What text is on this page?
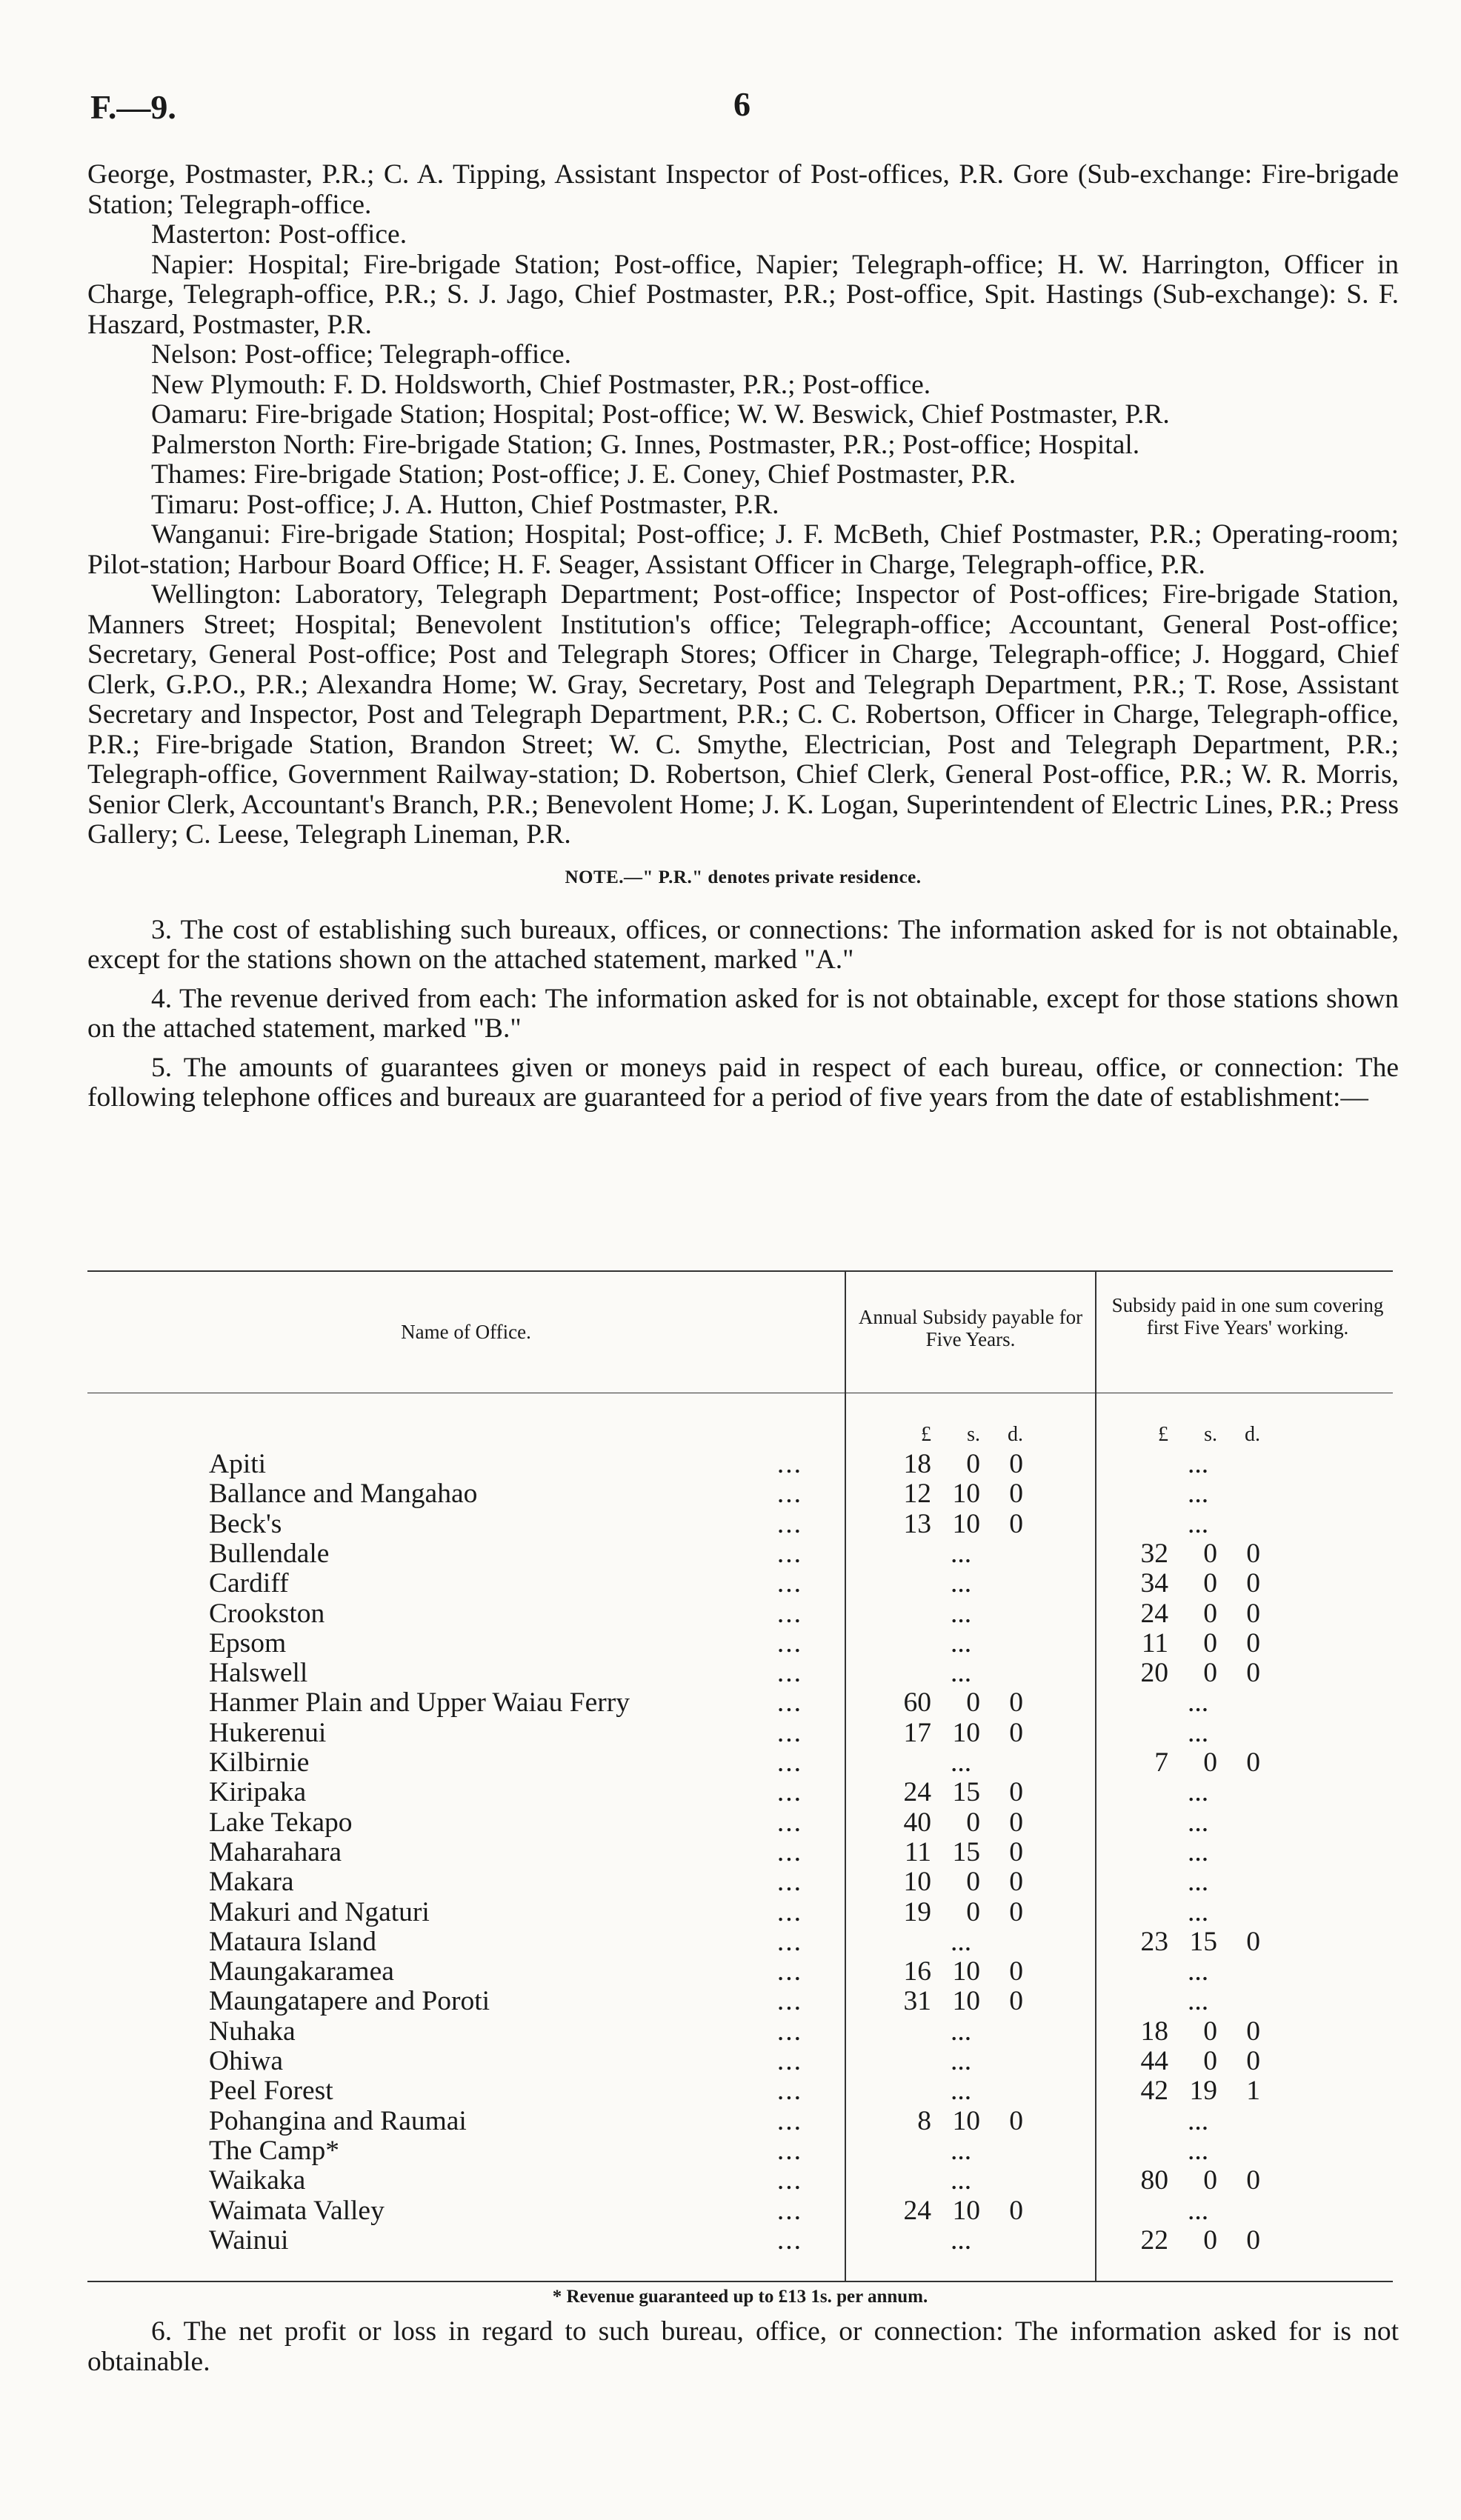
F.—9.	6

George, Postmaster, P.R.; C. A. Tipping, Assistant Inspector of Post-offices, P.R. Gore (Sub-exchange: Fire-brigade Station; Telegraph-office.

Masterton: Post-office.

Napier: Hospital; Fire-brigade Station; Post-office, Napier; Telegraph-office; H. W. Harrington, Officer in Charge, Telegraph-office, P.R.; S. J. Jago, Chief Postmaster, P.R.; Post-office, Spit. Hastings (Sub-exchange): S. F. Haszard, Postmaster, P.R.

Nelson: Post-office; Telegraph-office.

New Plymouth: F. D. Holdsworth, Chief Postmaster, P.R.; Post-office.

Oamaru: Fire-brigade Station; Hospital; Post-office; W. W. Beswick, Chief Postmaster, P.R.

Palmerston North: Fire-brigade Station; G. Innes, Postmaster, P.R.; Post-office; Hospital.

Thames: Fire-brigade Station; Post-office; J. E. Coney, Chief Postmaster, P.R.

Timaru: Post-office; J. A. Hutton, Chief Postmaster, P.R.

Wanganui: Fire-brigade Station; Hospital; Post-office; J. F. McBeth, Chief Postmaster, P.R.; Operating-room; Pilot-station; Harbour Board Office; H. F. Seager, Assistant Officer in Charge, Telegraph-office, P.R.

Wellington: Laboratory, Telegraph Department; Post-office; Inspector of Post-offices; Fire-brigade Station, Manners Street; Hospital; Benevolent Institution's office; Telegraph-office; Accountant, General Post-office; Secretary, General Post-office; Post and Telegraph Stores; Officer in Charge, Telegraph-office; J. Hoggard, Chief Clerk, G.P.O., P.R.; Alexandra Home; W. Gray, Secretary, Post and Telegraph Department, P.R.; T. Rose, Assistant Secretary and Inspector, Post and Telegraph Department, P.R.; C. C. Robertson, Officer in Charge, Telegraph-office, P.R.; Fire-brigade Station, Brandon Street; W. C. Smythe, Electrician, Post and Telegraph Department, P.R.; Telegraph-office, Government Railway-station; D. Robertson, Chief Clerk, General Post-office, P.R.; W. R. Morris, Senior Clerk, Accountant's Branch, P.R.; Benevolent Home; J. K. Logan, Superintendent of Electric Lines, P.R.; Press Gallery; C. Leese, Telegraph Lineman, P.R.

NOTE.—" P.R." denotes private residence.

3. The cost of establishing such bureaux, offices, or connections: The information asked for is not obtainable, except for the stations shown on the attached statement, marked "A."

4. The revenue derived from each: The information asked for is not obtainable, except for those stations shown on the attached statement, marked "B."

5. The amounts of guarantees given or moneys paid in respect of each bureau, office, or connection: The following telephone offices and bureaux are guaranteed for a period of five years from the date of establishment:—

Name of Office.
Annual Subsidy payable for Five Years.
Subsidy paid in one sum covering first Five Years' working.
£ s. d.	£ s. d.
Apiti	...	18 0 0	...
Ballance and Mangahao	...	12 10 0	...
Beck's	...	13 10 0	...
Bullendale	...	...	32 0 0
Cardiff	...	...	34 0 0
Crookston	...	...	24 0 0
Epsom	...	...	11 0 0
Halswell	...	...	20 0 0
Hanmer Plain and Upper Waiau Ferry	...	60 0 0	...
Hukerenui	...	17 10 0	...
Kilbirnie	...	...	7 0 0
Kiripaka	...	24 15 0	...
Lake Tekapo	...	40 0 0	...
Maharahara	...	11 15 0	...
Makara	...	10 0 0	...
Makuri and Ngaturi	...	19 0 0	...
Mataura Island	...	...	23 15 0
Maungakaramea	...	16 10 0	...
Maungatapere and Poroti	...	31 10 0	...
Nuhaka	...	...	18 0 0
Ohiwa	...	...	44 0 0
Peel Forest	...	...	42 19 1
Pohangina and Raumai	...	8 10 0	...
The Camp*	...	...	...
Waikaka	...	...	80 0 0
Waimata Valley	...	24 10 0	...
Wainui	...	...	22 0 0
* Revenue guaranteed up to £13 1s. per annum.

6. The net profit or loss in regard to such bureau, office, or connection: The information asked for is not obtainable.
